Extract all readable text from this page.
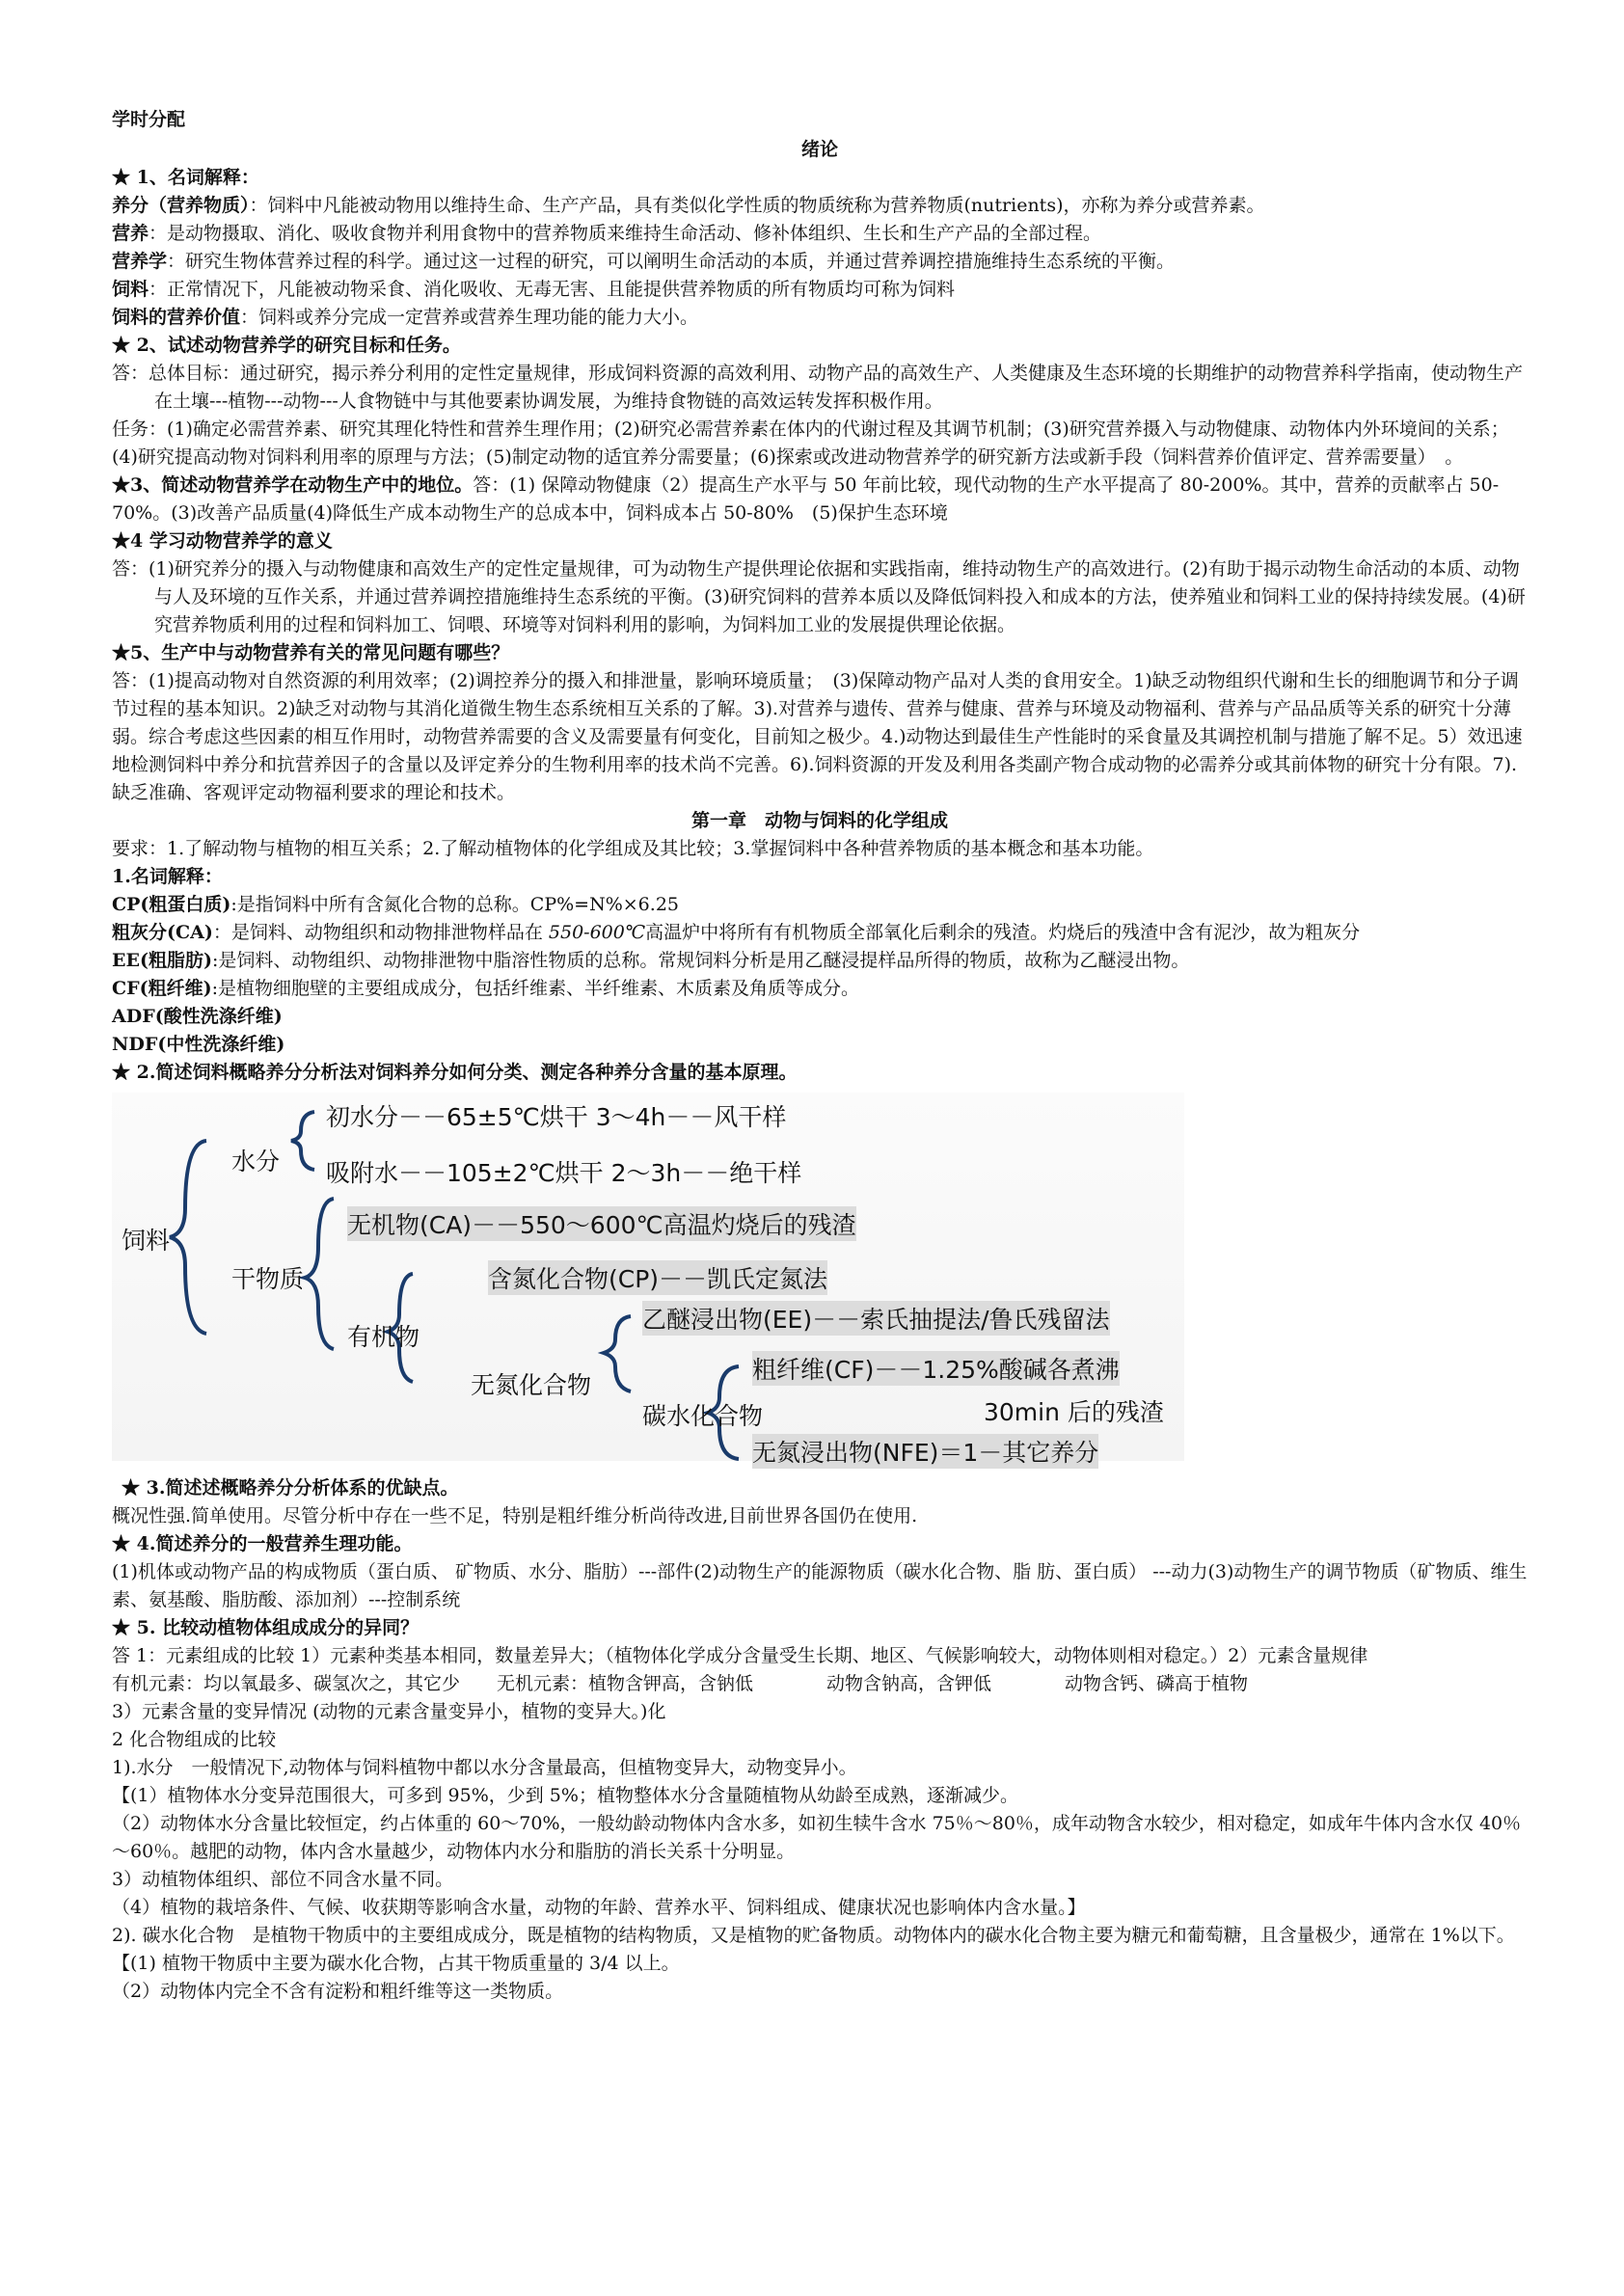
学时分配

绪论

★ 1、名词解释：

养分（营养物质）：饲料中凡能被动物用以维持生命、生产产品，具有类似化学性质的物质统称为营养物质(nutrients)，亦称为养分或营养素。

营养：是动物摄取、消化、吸收食物并利用食物中的营养物质来维持生命活动、修补体组织、生长和生产产品的全部过程。

营养学：研究生物体营养过程的科学。通过这一过程的研究，可以阐明生命活动的本质，并通过营养调控措施维持生态系统的平衡。

饲料：正常情况下，凡能被动物采食、消化吸收、无毒无害、且能提供营养物质的所有物质均可称为饲料

饲料的营养价值：饲料或养分完成一定营养或营养生理功能的能力大小。

★ 2、试述动物营养学的研究目标和任务。

答：总体目标：通过研究，揭示养分利用的定性定量规律，形成饲料资源的高效利用、动物产品的高效生产、人类健康及生态环境的长期维护的动物营养科学指南，使动物生产在土壤---植物---动物---人食物链中与其他要素协调发展，为维持食物链的高效运转发挥积极作用。

任务：(1)确定必需营养素、研究其理化特性和营养生理作用；(2)研究必需营养素在体内的代谢过程及其调节机制；(3)研究营养摄入与动物健康、动物体内外环境间的关系；(4)研究提高动物对饲料利用率的原理与方法；(5)制定动物的适宜养分需要量；(6)探索或改进动物营养学的研究新方法或新手段（饲料营养价值评定、营养需要量）　。

★3、简述动物营养学在动物生产中的地位。答：(1) 保障动物健康（2）提高生产水平与 50 年前比较，现代动物的生产水平提高了 80-200%。其中，营养的贡献率占 50-70%。(3)改善产品质量(4)降低生产成本动物生产的总成本中，饲料成本占 50-80%　(5)保护生态环境

★4 学习动物营养学的意义

答：(1)研究养分的摄入与动物健康和高效生产的定性定量规律，可为动物生产提供理论依据和实践指南，维持动物生产的高效进行。(2)有助于揭示动物生命活动的本质、动物与人及环境的互作关系，并通过营养调控措施维持生态系统的平衡。(3)研究饲料的营养本质以及降低饲料投入和成本的方法，使养殖业和饲料工业的保持持续发展。(4)研究营养物质利用的过程和饲料加工、饲喂、环境等对饲料利用的影响，为饲料加工业的发展提供理论依据。

★5、生产中与动物营养有关的常见问题有哪些？

答：(1)提高动物对自然资源的利用效率；(2)调控养分的摄入和排泄量，影响环境质量；　(3)保障动物产品对人类的食用安全。1)缺乏动物组织代谢和生长的细胞调节和分子调节过程的基本知识。2)缺乏对动物与其消化道微生物生态系统相互关系的了解。3).对营养与遗传、营养与健康、营养与环境及动物福利、营养与产品品质等关系的研究十分薄弱。综合考虑这些因素的相互作用时，动物营养需要的含义及需要量有何变化，目前知之极少。4.)动物达到最佳生产性能时的采食量及其调控机制与措施了解不足。5）效迅速地检测饲料中养分和抗营养因子的含量以及评定养分的生物利用率的技术尚不完善。6).饲料资源的开发及利用各类副产物合成动物的必需养分或其前体物的研究十分有限。7).缺乏准确、客观评定动物福利要求的理论和技术。

第一章　动物与饲料的化学组成

要求：1.了解动物与植物的相互关系；2.了解动植物体的化学组成及其比较；3.掌握饲料中各种营养物质的基本概念和基本功能。

1.名词解释：

CP(粗蛋白质):是指饲料中所有含氮化合物的总称。CP%=N%×6.25

粗灰分(CA)：是饲料、动物组织和动物排泄物样品在 550-600℃高温炉中将所有有机物质全部氧化后剩余的残渣。灼烧后的残渣中含有泥沙，故为粗灰分

EE(粗脂肪):是饲料、动物组织、动物排泄物中脂溶性物质的总称。常规饲料分析是用乙醚浸提样品所得的物质，故称为乙醚浸出物。

CF(粗纤维):是植物细胞壁的主要组成成分，包括纤维素、半纤维素、木质素及角质等成分。

ADF(酸性洗涤纤维)

NDF(中性洗涤纤维)

★ 2.简述饲料概略养分分析法对饲料养分如何分类、测定各种养分含量的基本原理。

饲料
水分
初水分－－65±5℃烘干 3～4h－－风干样
吸附水－－105±2℃烘干 2～3h－－绝干样
干物质
无机物(CA)－－550～600℃高温灼烧后的残渣
有机物
含氮化合物(CP)－－凯氏定氮法
无氮化合物
乙醚浸出物(EE)－－索氏抽提法/鲁氏残留法
碳水化合物
粗纤维(CF)－－1.25%酸碱各煮沸
30min 后的残渣
无氮浸出物(NFE)＝1－其它养分

★ 3.简述述概略养分分析体系的优缺点。

概况性强.简单使用。尽管分析中存在一些不足，特别是粗纤维分析尚待改进,目前世界各国仍在使用.

★ 4.简述养分的一般营养生理功能。

(1)机体或动物产品的构成物质（蛋白质、 矿物质、水分、脂肪）---部件(2)动物生产的能源物质（碳水化合物、脂 肪、蛋白质） ---动力(3)动物生产的调节物质（矿物质、维生素、氨基酸、脂肪酸、添加剂）---控制系统

★ 5. 比较动植物体组成成分的异同？

答 1：元素组成的比较 1）元素种类基本相同，数量差异大；（植物体化学成分含量受生长期、地区、气候影响较大，动物体则相对稳定。）2）元素含量规律

有机元素：均以氧最多、碳氢次之，其它少　　无机元素：植物含钾高，含钠低　　　　动物含钠高，含钾低　　　　动物含钙、磷高于植物

3）元素含量的变异情况 (动物的元素含量变异小，植物的变异大。)化

2 化合物组成的比较

1).水分　一般情况下,动物体与饲料植物中都以水分含量最高，但植物变异大，动物变异小。

【(1）植物体水分变异范围很大，可多到 95%，少到 5%；植物整体水分含量随植物从幼龄至成熟，逐渐减少。

（2）动物体水分含量比较恒定，约占体重的 60～70%，一般幼龄动物体内含水多，如初生犊牛含水 75％～80％，成年动物含水较少，相对稳定，如成年牛体内含水仅 40％～60％。越肥的动物，体内含水量越少，动物体内水分和脂肪的消长关系十分明显。

3）动植物体组织、部位不同含水量不同。

（4）植物的栽培条件、气候、收获期等影响含水量，动物的年龄、营养水平、饲料组成、健康状况也影响体内含水量。】

2). 碳水化合物　是植物干物质中的主要组成成分，既是植物的结构物质，又是植物的贮备物质。动物体内的碳水化合物主要为糖元和葡萄糖，且含量极少，通常在 1%以下。

【(1) 植物干物质中主要为碳水化合物，占其干物质重量的 3/4 以上。

（2）动物体内完全不含有淀粉和粗纤维等这一类物质。
